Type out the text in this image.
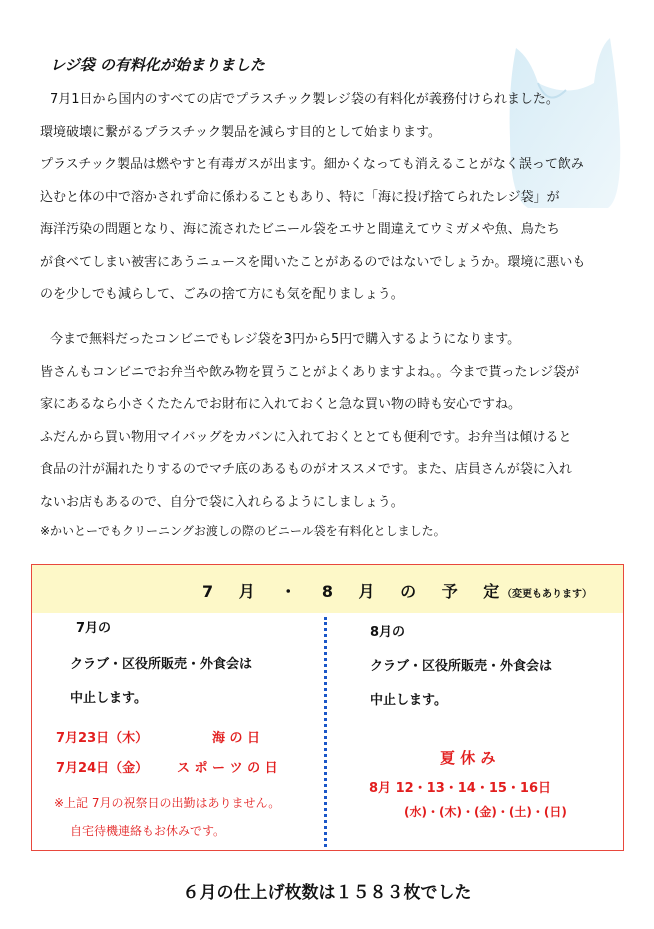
レジ袋 の有料化が始まりました
7月1日から国内のすべての店でプラスチック製レジ袋の有料化が義務付けられました。
環境破壊に繋がるプラスチック製品を減らす目的として始まります。
プラスチック製品は燃やすと有毒ガスが出ます。細かくなっても消えることがなく誤って飲み
込むと体の中で溶かされず命に係わることもあり、特に「海に投げ捨てられたレジ袋」が
海洋汚染の問題となり、海に流されたビニール袋をエサと間違えてウミガメや魚、鳥たち
が食べてしまい被害にあうニュースを聞いたことがあるのではないでしょうか。環境に悪いも
のを少しでも減らして、ごみの捨て方にも気を配りましょう。
今まで無料だったコンビニでもレジ袋を3円から5円で購入するようになります。
皆さんもコンビニでお弁当や飲み物を買うことがよくありますよね。。今まで貰ったレジ袋が
家にあるなら小さくたたんでお財布に入れておくと急な買い物の時も安心ですね。
ふだんから買い物用マイバッグをカバンに入れておくととても便利です。お弁当は傾けると
食品の汁が漏れたりするのでマチ底のあるものがオススメです。また、店員さんが袋に入れ
ないお店もあるので、自分で袋に入れらるようにしましょう。
※かいとーでもクリーニングお渡しの際のビニール袋を有料化としました。
7 月 ・ 8 月 の 予 定
（変更もあります）
7月の
クラブ・区役所販売・外食会は
中止します。
7月23日（木）	海 の 日
7月24日（金） ス ポ ー ツ の 日
※上記 7月の祝祭日の出勤はありません。
自宅待機連絡もお休みです。
8月の
クラブ・区役所販売・外食会は
中止します。
夏 休 み
8月 12・13・14・15・16日
(水)・(木)・(金)・(土)・(日)
６月の仕上げ枚数は１５８３枚でした
